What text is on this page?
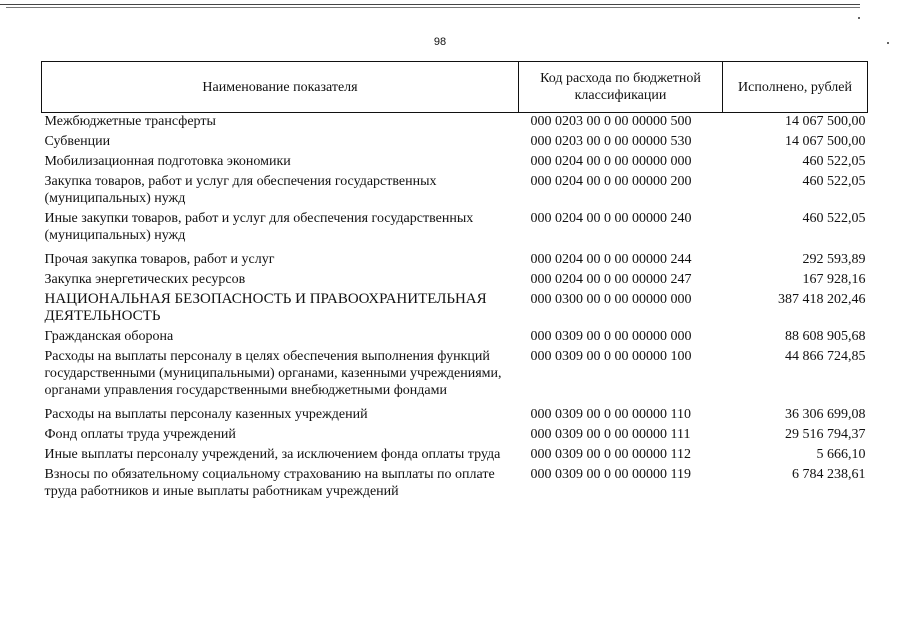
98
Наименование показателя	Код расхода по бюджетной классификации	Исполнено, рублей
Межбюджетные трансферты	000 0203 00 0 00 00000 500	14 067 500,00
Субвенции	000 0203 00 0 00 00000 530	14 067 500,00
Мобилизационная подготовка экономики	000 0204 00 0 00 00000 000	460 522,05
Закупка товаров, работ и услуг для обеспечения государственных (муниципальных) нужд	000 0204 00 0 00 00000 200	460 522,05
Иные закупки товаров, работ и услуг для обеспечения государственных (муниципальных) нужд	000 0204 00 0 00 00000 240	460 522,05
Прочая закупка товаров, работ и услуг	000 0204 00 0 00 00000 244	292 593,89
Закупка энергетических ресурсов	000 0204 00 0 00 00000 247	167 928,16
НАЦИОНАЛЬНАЯ БЕЗОПАСНОСТЬ И ПРАВООХРАНИТЕЛЬНАЯ ДЕЯТЕЛЬНОСТЬ	000 0300 00 0 00 00000 000	387 418 202,46
Гражданская оборона	000 0309 00 0 00 00000 000	88 608 905,68
Расходы на выплаты персоналу в целях обеспечения выполнения функций государственными (муниципальными) органами, казенными учреждениями, органами управления государственными внебюджетными фондами	000 0309 00 0 00 00000 100	44 866 724,85
Расходы на выплаты персоналу казенных учреждений	000 0309 00 0 00 00000 110	36 306 699,08
Фонд оплаты труда учреждений	000 0309 00 0 00 00000 111	29 516 794,37
Иные выплаты персоналу учреждений, за исключением фонда оплаты труда	000 0309 00 0 00 00000 112	5 666,10
Взносы по обязательному социальному страхованию на выплаты по оплате труда работников и иные выплаты работникам учреждений	000 0309 00 0 00 00000 119	6 784 238,61
